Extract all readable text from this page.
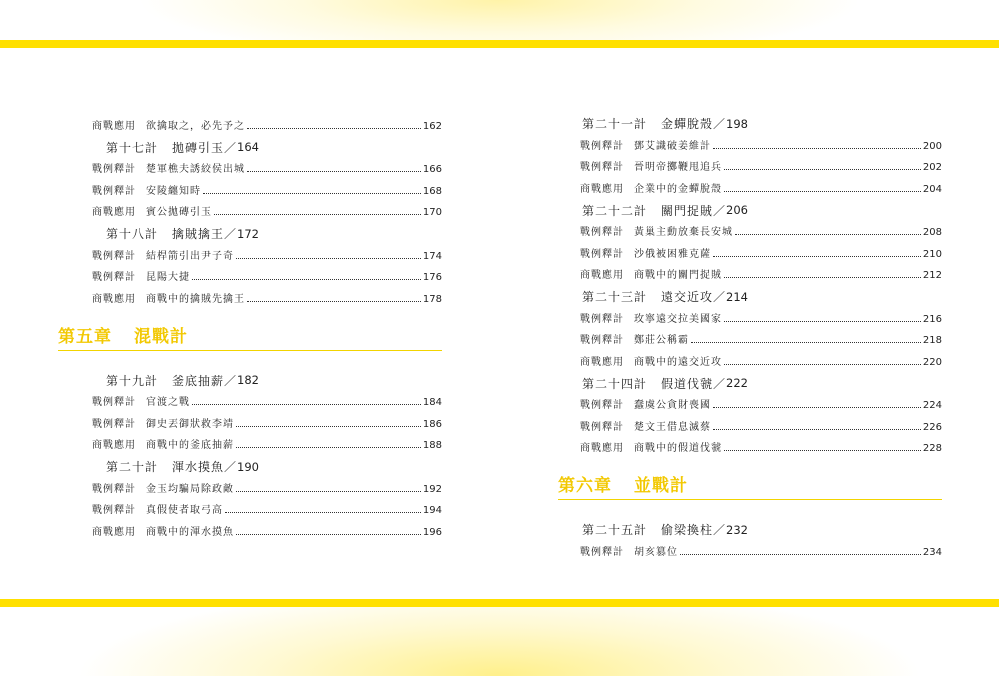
商戰應用	欲擒取之，必先予之	162
第十七計 拋磚引玉／ 164
戰例釋計	楚軍樵夫誘絞侯出城	166
戰例釋計	安陵纏知時	168
商戰應用	賓公拋磚引玉	170
第十八計 擒賊擒王／ 172
戰例釋計	結桿箭引出尹子奇	174
戰例釋計	昆陽大捷	176
商戰應用	商戰中的擒賊先擒王	178
第五章 混戰計
第十九計 釜底抽薪／ 182
戰例釋計	官渡之戰	184
戰例釋計	御史丟御狀救李靖	186
商戰應用	商戰中的釜底抽薪	188
第二十計 渾水摸魚／ 190
戰例釋計	金玉均騙局除政敵	192
戰例釋計	真假使者取弓高	194
商戰應用	商戰中的渾水摸魚	196
第二十一計 金蟬脫殼／ 198
戰例釋計	鄧艾識破姜維計	200
戰例釋計	晉明帝擲鞭甩追兵	202
商戰應用	企業中的金蟬脫殼	204
第二十二計 關門捉賊／ 206
戰例釋計	黃巢主動放棄長安城	208
戰例釋計	沙俄被困雅克薩	210
商戰應用	商戰中的關門捉賊	212
第二十三計 遠交近攻／ 214
戰例釋計	玫寧遠交拉美國家	216
戰例釋計	鄭莊公稱霸	218
商戰應用	商戰中的遠交近攻	220
第二十四計 假道伐虢／ 222
戰例釋計	蠢虞公貪財喪國	224
戰例釋計	楚文王借息滅蔡	226
商戰應用	商戰中的假道伐虢	228
第六章 並戰計
第二十五計 偷梁換柱／ 232
戰例釋計	胡亥篡位	234
